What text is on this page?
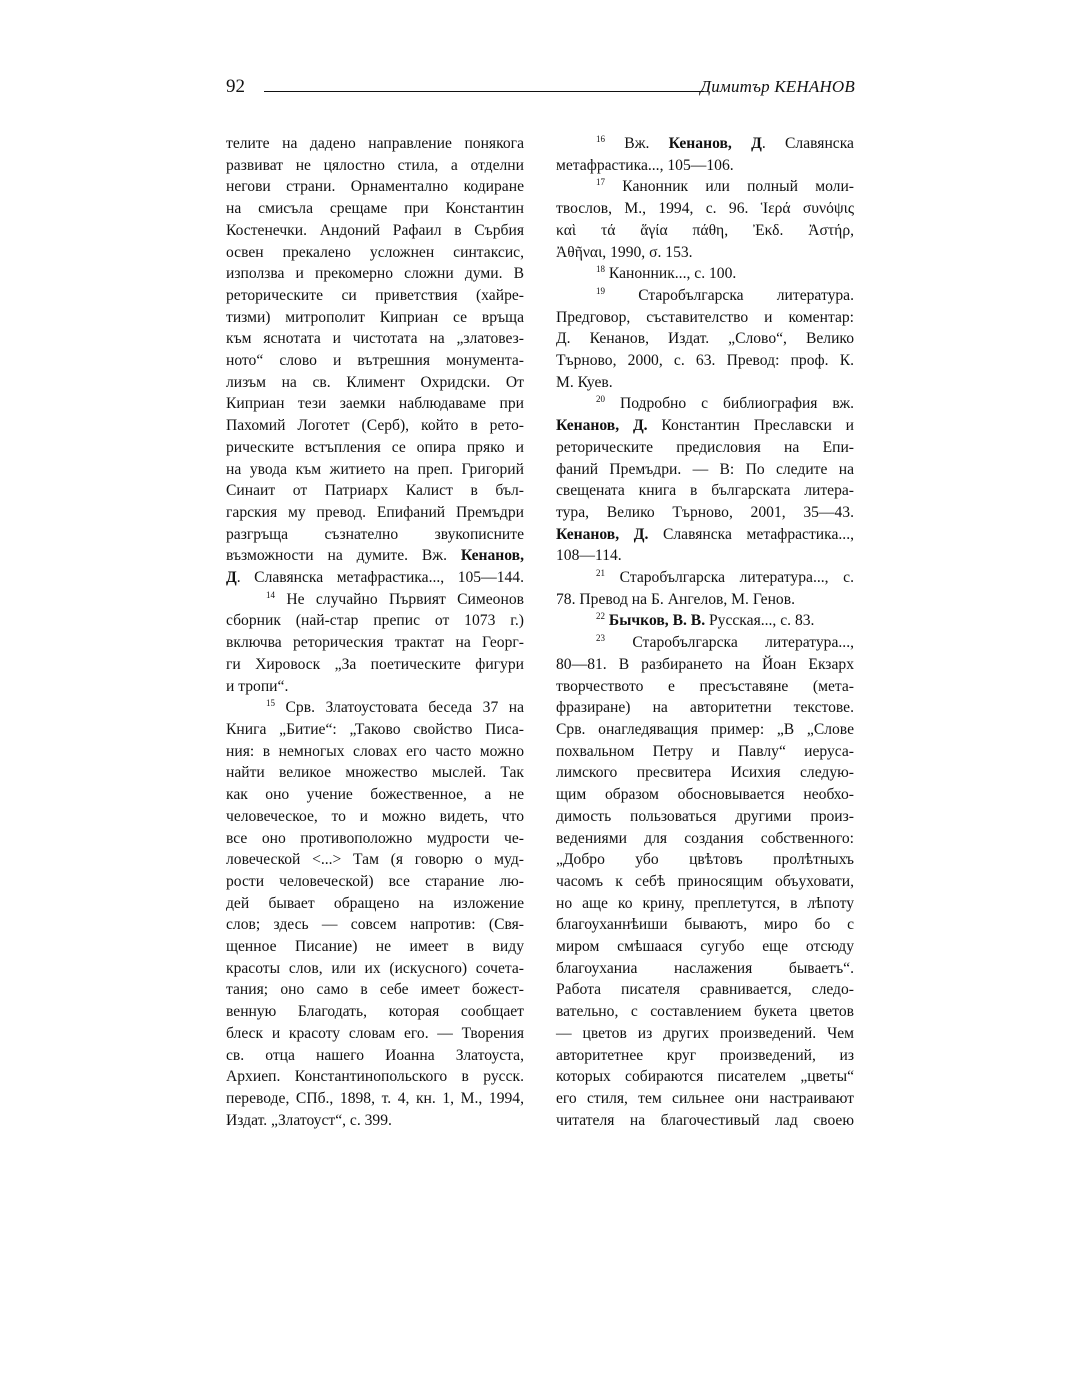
92	Димитър КЕНАНОВ
телите на дадено направление понякога
развиват не цялостно стила, а отделни
негови страни. Орнаментално кодиране
на смисъла срещаме при Константин
Костенечки. Андоний Рафаил в Сърбия
освен прекалено усложнен синтаксис,
използва и прекомерно сложни думи. В
реторическите си приветствия (хайре-
тизми) митрополит Киприан се връща
към яснотата и чистотата на „златовез-
ното“ слово и вътрешния монумента-
лизъм на св. Климент Охридски. От
Киприан тези заемки наблюдаваме при
Пахомий Логотет (Серб), който в рето-
рическите встъпления се опира пряко и
на увода към житието на преп. Григорий
Синаит от Патриарх Калист в бъл-
гарския му превод. Епифаний Премъдри
разгръща съзнателно звукописните
възможности на думите. Вж. Кенанов,
Д. Славянска метафрастика..., 105—144.
$^{14}$ Не случайно Първият Симеонов
сборник (най-стар препис от 1073 г.)
включва реторическия трактат на Георг-
ги Хировоск „За поетическите фигури
и тропи“.
$^{15}$ Срв. Златоустовата беседа 37 на
Книга „Битие“: „Таково свойство Писа-
ния: в немногых словах его часто можно
найти великое множество мыслей. Так
как оно учение божественное, а не
человеческое, то и можно видеть, что
все оно противоположно мудрости че-
ловеческой <...> Там (я говорю о муд-
рости человеческой) все старание лю-
дей бывает обращено на изложение
слов; здесь — совсем напротив: (Свя-
щенное Писание) не имеет в виду
красоты слов, или их (искусного) сочета-
тания; оно само в себе имеет божест-
венную Благодать, которая сообщает
блеск и красоту словам его. — Творения
св. отца нашего Иоанна Златоуста,
Архиеп. Константинопольского в русск.
переводе, СПб., 1898, т. 4, кн. 1, М., 1994,
Издат. „Златоуст“, с. 399.
$^{16}$ Вж. Кенанов, Д. Славянска
метафрастика..., 105—106.
$^{17}$ Канонник или полный моли-
твослов, М., 1994, с. 96. Ἱερά συνόψις
καὶ τά ἅγία πάθη, Ἐκδ. Ἀστήρ,
Ἀθῆναι, 1990, σ. 153.
$^{18}$ Канонник..., с. 100.
$^{19}$ Старобългарска литература.
Предговор, съставителство и коментар:
Д. Кенанов, Издат. „Слово“, Велико
Търново, 2000, с. 63. Превод: проф. К.
М. Куев.
$^{20}$ Подробно с библиография вж.
Кенанов, Д. Константин Преславски и
реторическите предисловия на Епи-
фаний Премъдри. — В: По следите на
свещената книга в българската литера-
тура, Велико Търново, 2001, 35—43.
Кенанов, Д. Славянска метафрастика...,
108—114.
$^{21}$ Старобългарска литература..., с.
78. Превод на Б. Ангелов, М. Генов.
$^{22}$ Бычков, В. В. Русская..., с. 83.
$^{23}$ Старобългарска литература...,
80—81. В разбирането на Йоан Екзарх
творчеството е пресъставяне (мета-
фразиране) на авторитетни текстове.
Срв. онагледяващия пример: „В „Слове
похвальном Петру и Павлу“ иеруса-
лимского пресвитера Исихия следую-
щим образом обосновывается необхо-
димость пользоваться другими произ-
ведениями для создания собственного:
„Добро убо цвѣтовъ пролѣтныхъ
часомъ к себѣ приносящим объуховати,
но аще ко крину, преплетутся, в лѣпоту
благоуханнѣиши бываютъ, миро бо с
миром смѣшаася сугубо еще отсюду
благоуханиа наслажения бываетъ“.
Работа писателя сравнивается, следо-
вательно, с составлением букета цветов
— цветов из других произведений. Чем
авторитетнее круг произведений, из
которых собираются писателем „цветы“
его стиля, тем сильнее они настраивают
читателя на благочестивый лад своею
